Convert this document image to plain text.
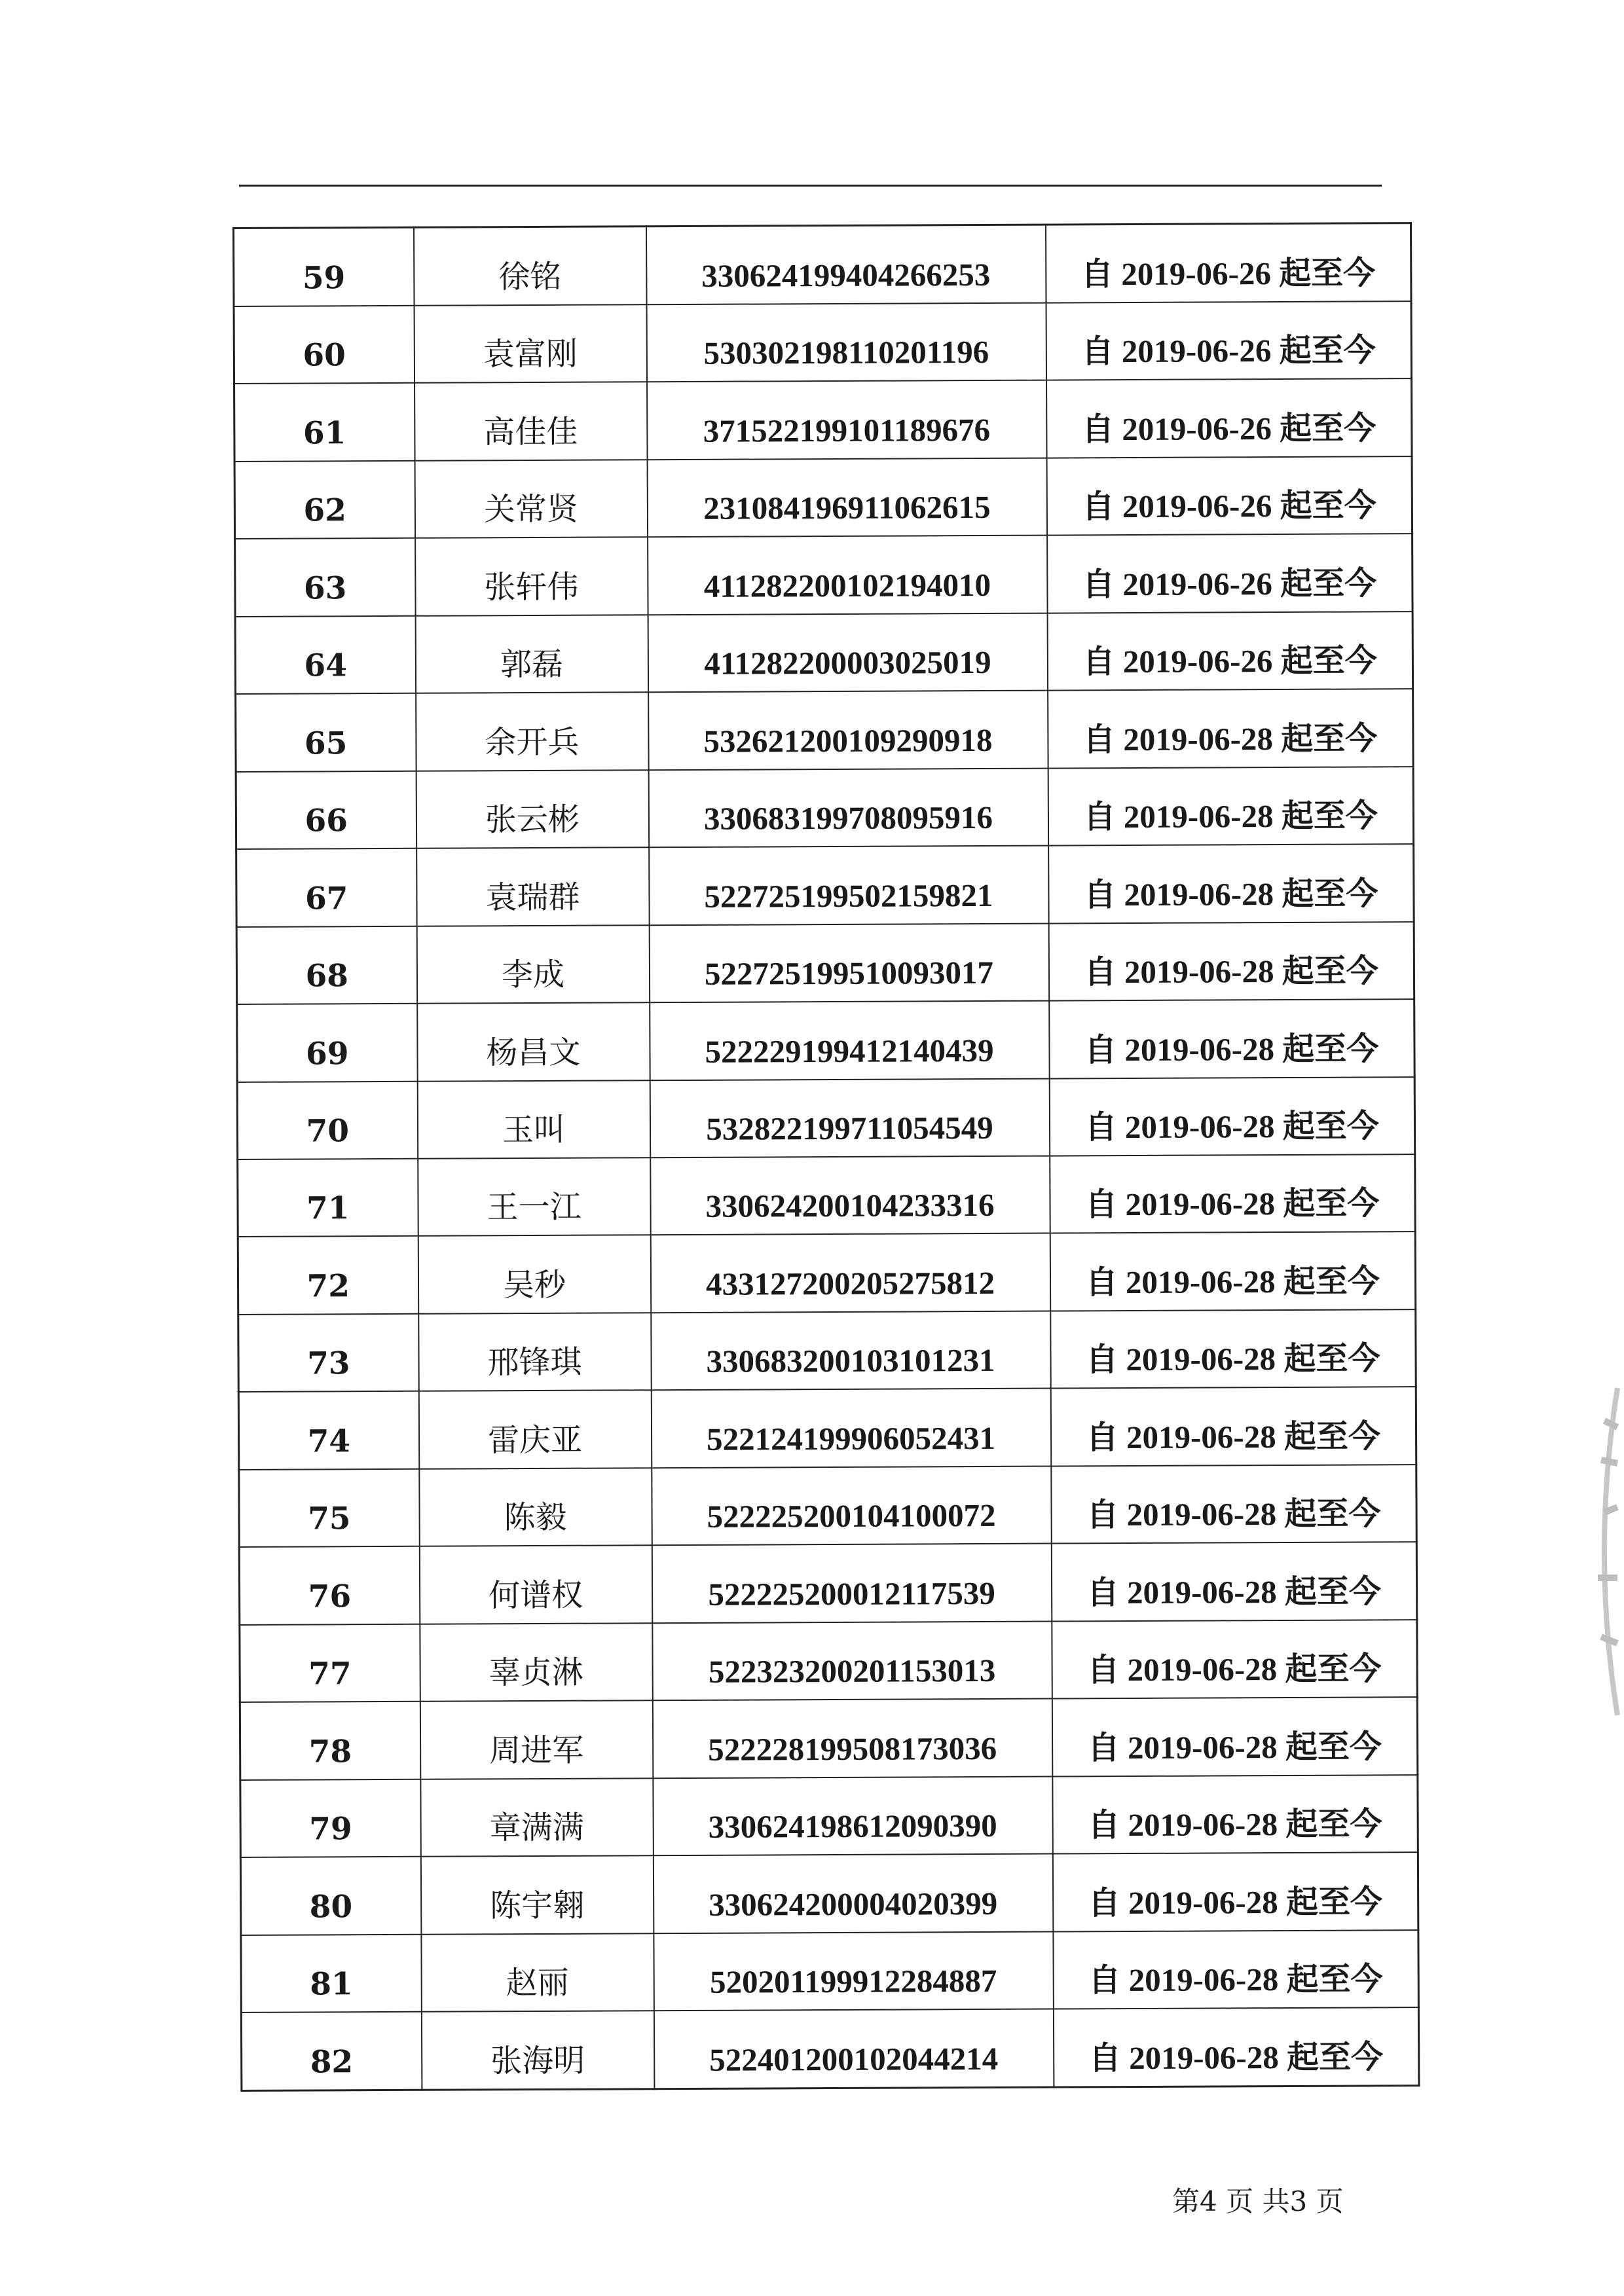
59	徐铭	330624199404266253	自 2019-06-26 起至今
60	袁富刚	530302198110201196	自 2019-06-26 起至今
61	高佳佳	371522199101189676	自 2019-06-26 起至今
62	关常贤	231084196911062615	自 2019-06-26 起至今
63	张轩伟	411282200102194010	自 2019-06-26 起至今
64	郭磊	411282200003025019	自 2019-06-26 起至今
65	余开兵	532621200109290918	自 2019-06-28 起至今
66	张云彬	330683199708095916	自 2019-06-28 起至今
67	袁瑞群	522725199502159821	自 2019-06-28 起至今
68	李成	522725199510093017	自 2019-06-28 起至今
69	杨昌文	522229199412140439	自 2019-06-28 起至今
70	玉叫	532822199711054549	自 2019-06-28 起至今
71	王一江	330624200104233316	自 2019-06-28 起至今
72	吴秒	433127200205275812	自 2019-06-28 起至今
73	邢锋琪	330683200103101231	自 2019-06-28 起至今
74	雷庆亚	522124199906052431	自 2019-06-28 起至今
75	陈毅	522225200104100072	自 2019-06-28 起至今
76	何谱权	522225200012117539	自 2019-06-28 起至今
77	辜贞淋	522323200201153013	自 2019-06-28 起至今
78	周进军	522228199508173036	自 2019-06-28 起至今
79	章满满	330624198612090390	自 2019-06-28 起至今
80	陈宇翱	330624200004020399	自 2019-06-28 起至今
81	赵丽	520201199912284887	自 2019-06-28 起至今
82	张海明	522401200102044214	自 2019-06-28 起至今
第4 页 共3 页
